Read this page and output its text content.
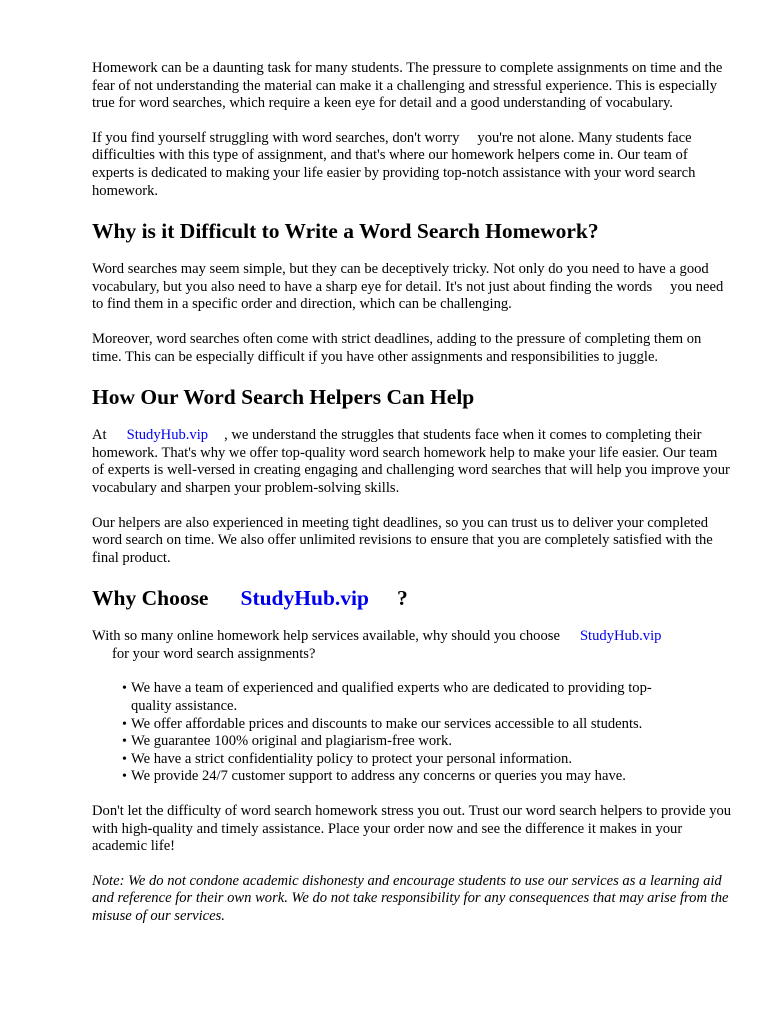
Homework can be a daunting task for many students. The pressure to complete assignments on time and the fear of not understanding the material can make it a challenging and stressful experience. This is especially true for word searches, which require a keen eye for detail and a good understanding of vocabulary.

If you find yourself struggling with word searches, don't worry you're not alone. Many students face difficulties with this type of assignment, and that's where our homework helpers come in. Our team of experts is dedicated to making your life easier by providing top-notch assistance with your word search homework.

Why is it Difficult to Write a Word Search Homework?

Word searches may seem simple, but they can be deceptively tricky. Not only do you need to have a good vocabulary, but you also need to have a sharp eye for detail. It's not just about finding the words you need to find them in a specific order and direction, which can be challenging.

Moreover, word searches often come with strict deadlines, adding to the pressure of completing them on time. This can be especially difficult if you have other assignments and responsibilities to juggle.

How Our Word Search Helpers Can Help

At StudyHub.vip , we understand the struggles that students face when it comes to completing their homework. That's why we offer top-quality word search homework help to make your life easier. Our team of experts is well-versed in creating engaging and challenging word searches that will help you improve your vocabulary and sharpen your problem-solving skills.

Our helpers are also experienced in meeting tight deadlines, so you can trust us to deliver your completed word search on time. We also offer unlimited revisions to ensure that you are completely satisfied with the final product.

Why Choose StudyHub.vip ?

With so many online homework help services available, why should you choose StudyHub.vip
for your word search assignments?

• We have a team of experienced and qualified experts who are dedicated to providing top-quality assistance.
• We offer affordable prices and discounts to make our services accessible to all students.
• We guarantee 100% original and plagiarism-free work.
• We have a strict confidentiality policy to protect your personal information.
• We provide 24/7 customer support to address any concerns or queries you may have.

Don't let the difficulty of word search homework stress you out. Trust our word search helpers to provide you with high-quality and timely assistance. Place your order now and see the difference it makes in your academic life!

Note: We do not condone academic dishonesty and encourage students to use our services as a learning aid and reference for their own work. We do not take responsibility for any consequences that may arise from the misuse of our services.
